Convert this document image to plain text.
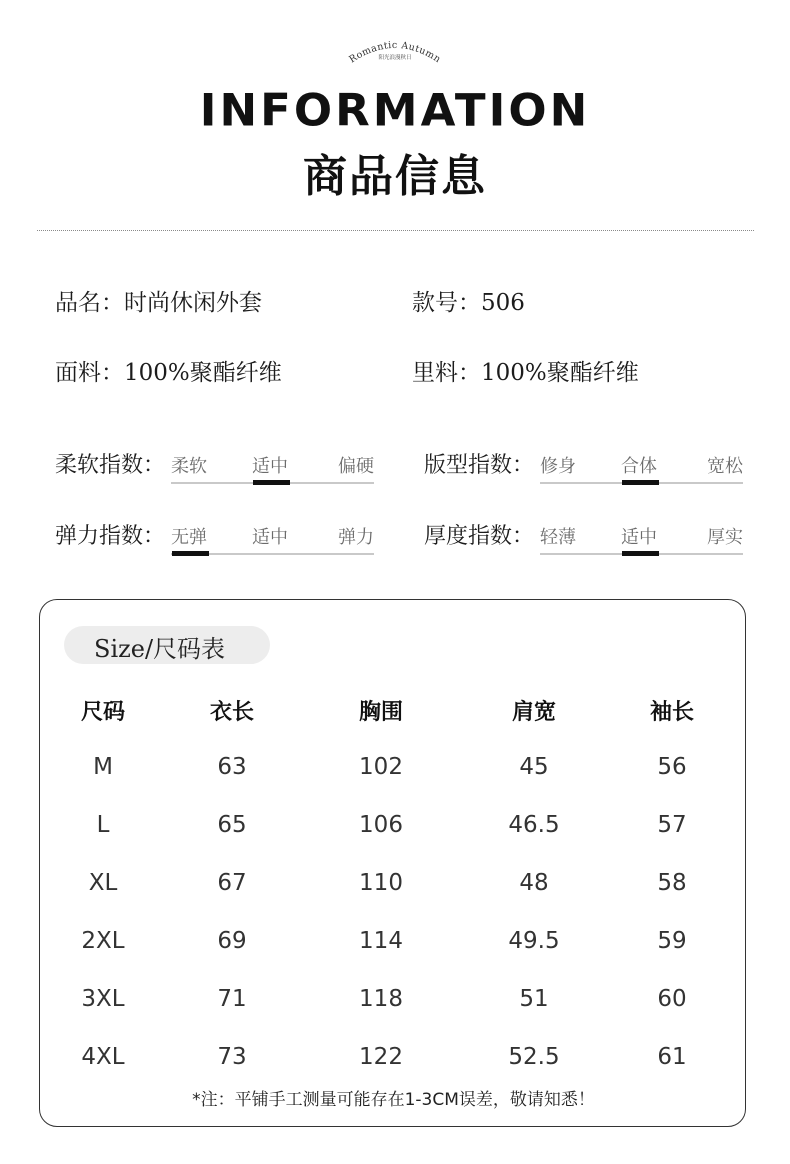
Romantic Autumn
阳光浪漫秋日
INFORMATION
商品信息
品名：时尚休闲外套	款号：506
面料：100%聚酯纤维	里料：100%聚酯纤维
柔软指数： 柔软	适中	偏硬 版型指数： 修身	合体	宽松
弹力指数： 无弹	适中	弹力 厚度指数： 轻薄	适中	厚实
Size/尺码表
尺码	衣长	胸围	肩宽	袖长
M	63	102	45	56
L	65	106	46.5	57
XL	67	110	48	58
2XL	69	114	49.5	59
3XL	71	118	51	60
4XL	73	122	52.5	61
*注：平铺手工测量可能存在1-3CM误差，敬请知悉！
